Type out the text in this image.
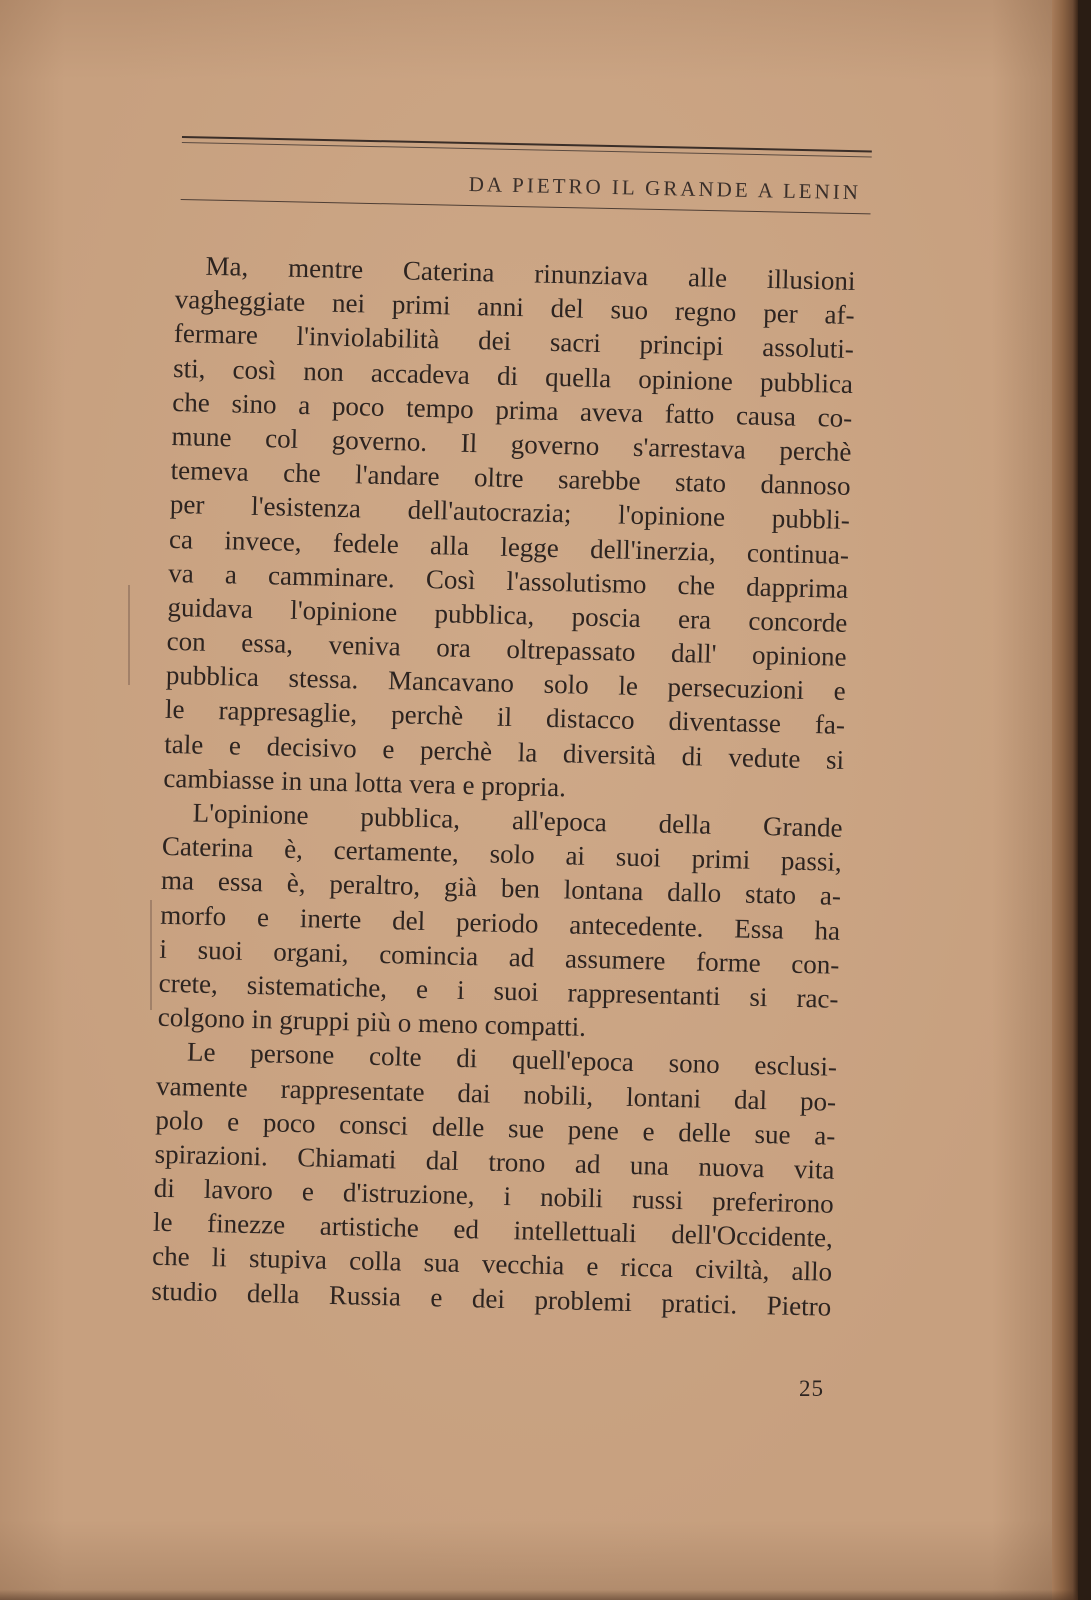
DA PIETRO IL GRANDE A LENIN
Ma, mentre Caterina rinunziava alle illusioni
vagheggiate nei primi anni del suo regno per af-
fermare l'inviolabilità dei sacri principi assoluti-
sti, così non accadeva di quella opinione pubblica
che sino a poco tempo prima aveva fatto causa co-
mune col governo. Il governo s'arrestava perchè
temeva che l'andare oltre sarebbe stato dannoso
per l'esistenza dell'autocrazia; l'opinione pubbli-
ca invece, fedele alla legge dell'inerzia, continua-
va a camminare. Così l'assolutismo che dapprima
guidava l'opinione pubblica, poscia era concorde
con essa, veniva ora oltrepassato dall' opinione
pubblica stessa. Mancavano solo le persecuzioni e
le rappresaglie, perchè il distacco diventasse fa-
tale e decisivo e perchè la diversità di vedute si
cambiasse in una lotta vera e propria.
L'opinione pubblica, all'epoca della Grande
Caterina è, certamente, solo ai suoi primi passi,
ma essa è, peraltro, già ben lontana dallo stato a-
morfo e inerte del periodo antecedente. Essa ha
i suoi organi, comincia ad assumere forme con-
crete, sistematiche, e i suoi rappresentanti si rac-
colgono in gruppi più o meno compatti.
Le persone colte di quell'epoca sono esclusi-
vamente rappresentate dai nobili, lontani dal po-
polo e poco consci delle sue pene e delle sue a-
spirazioni. Chiamati dal trono ad una nuova vita
di lavoro e d'istruzione, i nobili russi preferirono
le finezze artistiche ed intellettuali dell'Occidente,
che li stupiva colla sua vecchia e ricca civiltà, allo
studio della Russia e dei problemi pratici. Pietro
25
